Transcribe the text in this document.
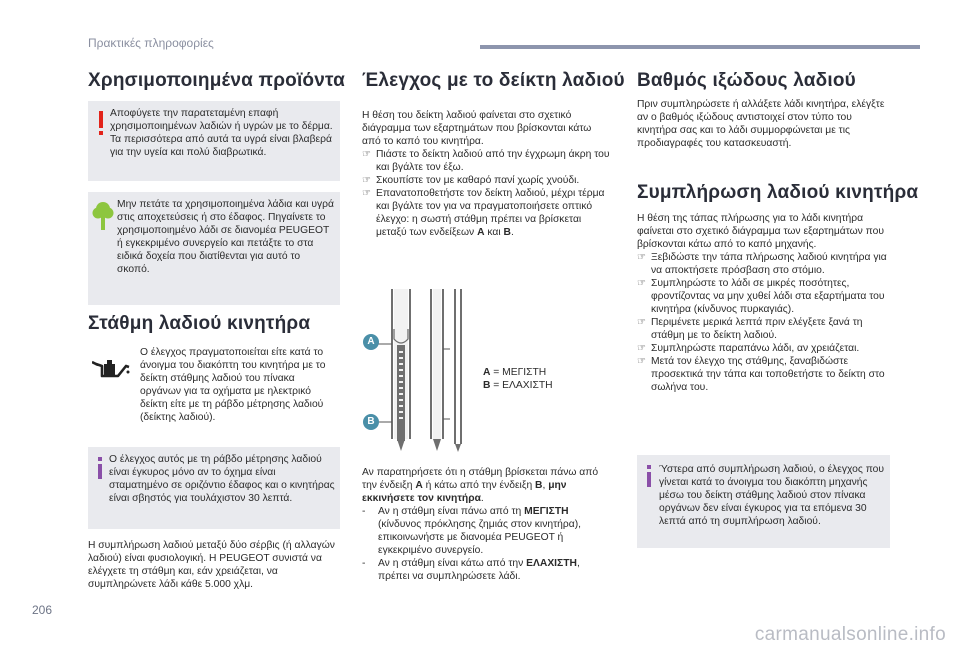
Πρακτικές πληροφορίες
Χρησιμοποιημένα προϊόντα

Αποφύγετε την παρατεταμένη επαφή χρησιμοποιημένων λαδιών ή υγρών με το δέρμα. Τα περισσότερα από αυτά τα υγρά είναι βλαβερά για την υγεία και πολύ διαβρωτικά.

Μην πετάτε τα χρησιμοποιημένα λάδια και υγρά στις αποχετεύσεις ή στο έδαφος. Πηγαίνετε το χρησιμοποιημένο λάδι σε διανομέα PEUGEOT ή εγκεκριμένο συνεργείο και πετάξτε το στα ειδικά δοχεία που διατίθενται για αυτό το σκοπό.

Στάθμη λαδιού κινητήρα

Ο έλεγχος πραγματοποιείται είτε κατά το άνοιγμα του διακόπτη του κινητήρα με το δείκτη στάθμης λαδιού του πίνακα οργάνων για τα οχήματα με ηλεκτρικό δείκτη είτε με τη ράβδο μέτρησης λαδιού (δείκτης λαδιού).

Ο έλεγχος αυτός με τη ράβδο μέτρησης λαδιού είναι έγκυρος μόνο αν το όχημα είναι σταματημένο σε οριζόντιο έδαφος και ο κινητήρας είναι σβηστός για τουλάχιστον 30 λεπτά.

Η συμπλήρωση λαδιού μεταξύ δύο σέρβις (ή αλλαγών λαδιού) είναι φυσιολογική. Η PEUGEOT συνιστά να ελέγχετε τη στάθμη και, εάν χρειάζεται, να συμπληρώνετε λάδι κάθε 5.000 χλμ.

Έλεγχος με το δείκτη λαδιού

Η θέση του δείκτη λαδιού φαίνεται στο σχετικό διάγραμμα των εξαρτημάτων που βρίσκονται κάτω από το καπό του κινητήρα.

☞ Πιάστε το δείκτη λαδιού από την έγχρωμη άκρη του και βγάλτε τον έξω.
☞ Σκουπίστε τον με καθαρό πανί χωρίς χνούδι.
☞ Επανατοποθετήστε τον δείκτη λαδιού, μέχρι τέρμα και βγάλτε τον για να πραγματοποιήσετε οπτικό έλεγχο: η σωστή στάθμη πρέπει να βρίσκεται μεταξύ των ενδείξεων A και B.
A
B
A = ΜΕΓΙΣΤΗ
B = ΕΛΑΧΙΣΤΗ

Αν παρατηρήσετε ότι η στάθμη βρίσκεται πάνω από την ένδειξη A ή κάτω από την ένδειξη B, μην εκκινήσετε τον κινητήρα.

- Αν η στάθμη είναι πάνω από τη ΜΕΓΙΣΤΗ (κίνδυνος πρόκλησης ζημιάς στον κινητήρα), επικοινωνήστε με διανομέα PEUGEOT ή εγκεκριμένο συνεργείο.
- Αν η στάθμη είναι κάτω από την ΕΛΑΧΙΣΤΗ, πρέπει να συμπληρώσετε λάδι.
Βαθμός ιξώδους λαδιού

Πριν συμπληρώσετε ή αλλάξετε λάδι κινητήρα, ελέγξτε αν ο βαθμός ιξώδους αντιστοιχεί στον τύπο του κινητήρα σας και το λάδι συμμορφώνεται με τις προδιαγραφές του κατασκευαστή.

Συμπλήρωση λαδιού κινητήρα

Η θέση της τάπας πλήρωσης για το λάδι κινητήρα φαίνεται στο σχετικό διάγραμμα των εξαρτημάτων που βρίσκονται κάτω από το καπό μηχανής.

☞ Ξεβιδώστε την τάπα πλήρωσης λαδιού κινητήρα για να αποκτήσετε πρόσβαση στο στόμιο.
☞ Συμπληρώστε το λάδι σε μικρές ποσότητες, φροντίζοντας να μην χυθεί λάδι στα εξαρτήματα του κινητήρα (κίνδυνος πυρκαγιάς).
☞ Περιμένετε μερικά λεπτά πριν ελέγξετε ξανά τη στάθμη με το δείκτη λαδιού.
☞ Συμπληρώστε παραπάνω λάδι, αν χρειάζεται.
☞ Μετά τον έλεγχο της στάθμης, ξαναβιδώστε προσεκτικά την τάπα και τοποθετήστε το δείκτη στο σωλήνα του.

Ύστερα από συμπλήρωση λαδιού, ο έλεγχος που γίνεται κατά το άνοιγμα του διακόπτη μηχανής μέσω του δείκτη στάθμης λαδιού στον πίνακα οργάνων δεν είναι έγκυρος για τα επόμενα 30 λεπτά από τη συμπλήρωση λαδιού.

206
carmanualsonline.info
